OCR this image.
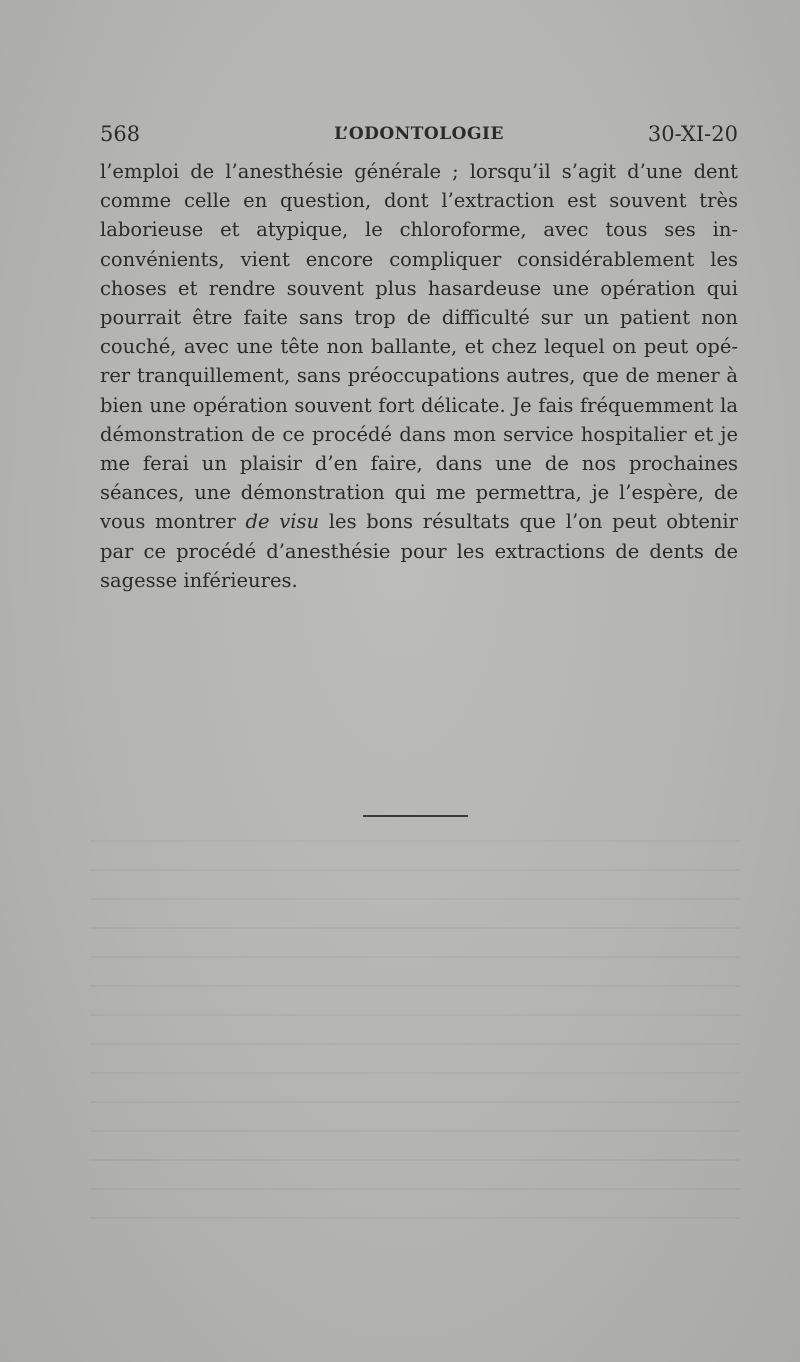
568	L’ODONTOLOGIE	30-XI-20
l’emploi de l’anesthésie générale ; lorsqu’il s’agit d’une dent comme celle en question, dont l’extraction est souvent très laborieuse et atypique, le chloroforme, avec tous ses inconvénients, vient encore compliquer considérablement les choses et rendre souvent plus hasardeuse une opération qui pourrait être faite sans trop de difficulté sur un patient non couché, avec une tête non ballante, et chez lequel on peut opérer tranquillement, sans préoccupations autres, que de mener à bien une opération souvent fort délicate. Je fais fréquemment la démonstration de ce procédé dans mon service hospitalier et je me ferai un plaisir d’en faire, dans une de nos prochaines séances, une démonstration qui me permettra, je l’espère, de vous montrer de visu les bons résultats que l’on peut obtenir par ce procédé d’anesthésie pour les extractions de dents de sagesse inférieures.
